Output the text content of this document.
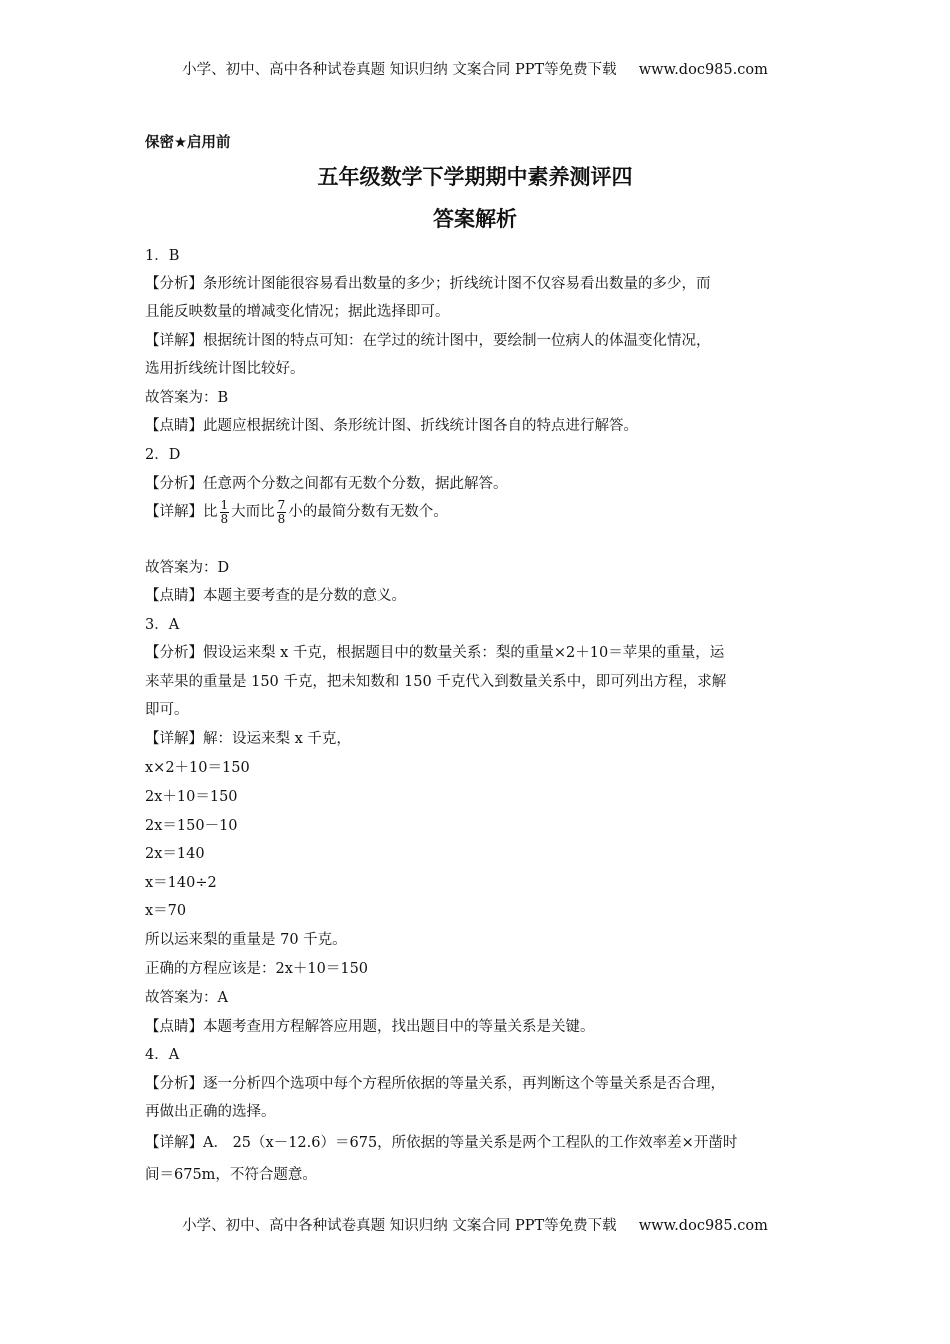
小学、初中、高中各种试卷真题 知识归纳 文案合同 PPT等免费下载 www.doc985.com
保密★启用前
五年级数学下学期期中素养测评四
答案解析
1．B
【分析】条形统计图能很容易看出数量的多少；折线统计图不仅容易看出数量的多少，而
且能反映数量的增减变化情况；据此选择即可。
【详解】根据统计图的特点可知：在学过的统计图中，要绘制一位病人的体温变化情况，
选用折线统计图比较好。
故答案为：B
【点睛】此题应根据统计图、条形统计图、折线统计图各自的特点进行解答。
2．D
【分析】任意两个分数之间都有无数个分数，据此解答。
【详解】比 $\frac{1}{8}$ 大而比 $\frac{7}{8}$ 小的最简分数有无数个。
故答案为：D
【点睛】本题主要考查的是分数的意义。
3．A
【分析】假设运来梨 x 千克，根据题目中的数量关系：梨的重量×2＋10＝苹果的重量，运
来苹果的重量是 150 千克，把未知数和 150 千克代入到数量关系中，即可列出方程，求解
即可。
【详解】解：设运来梨 x 千克，
x×2＋10＝150
2x＋10＝150
2x＝150－10
2x＝140
x＝140÷2
x＝70
所以运来梨的重量是 70 千克。
正确的方程应该是：2x＋10＝150
故答案为：A
【点睛】本题考查用方程解答应用题，找出题目中的等量关系是关键。
4．A
【分析】逐一分析四个选项中每个方程所依据的等量关系，再判断这个等量关系是否合理，
再做出正确的选择。
【详解】A． 25（x－12.6）＝675，所依据的等量关系是两个工程队的工作效率差×开凿时
间＝675m，不符合题意。
小学、初中、高中各种试卷真题 知识归纳 文案合同 PPT等免费下载 www.doc985.com
